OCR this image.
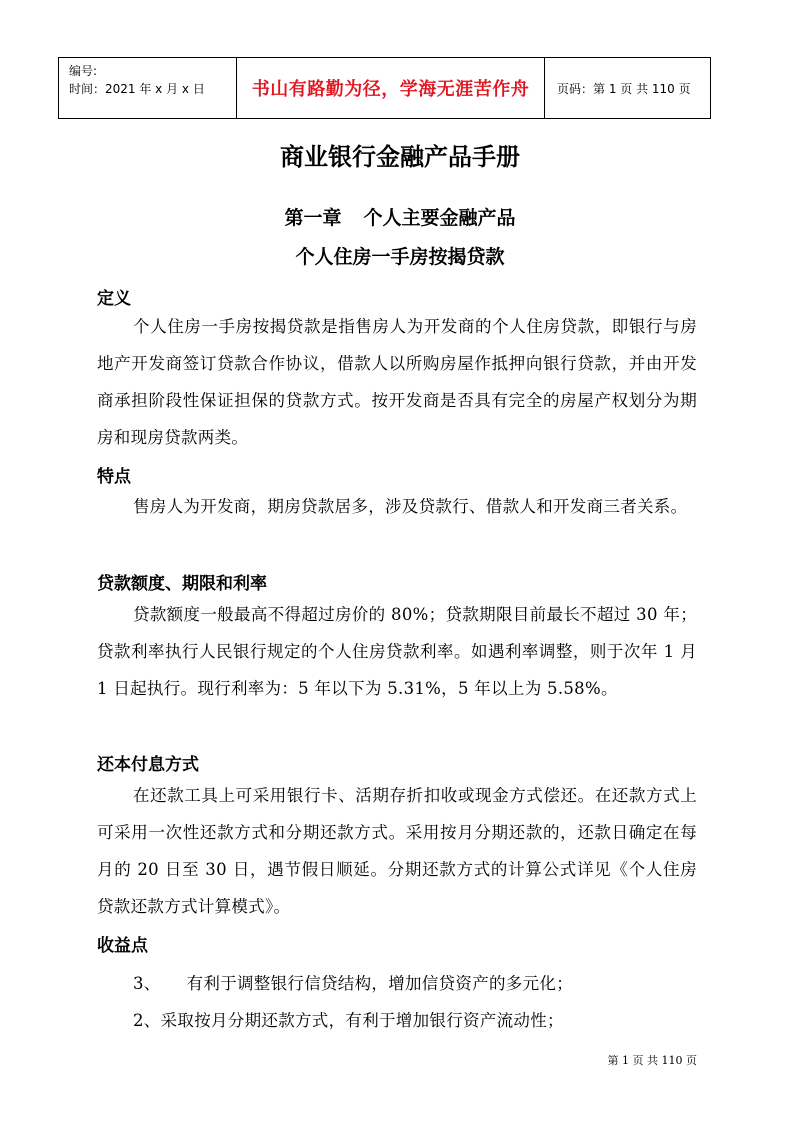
编号:
时间：2021 年 x 月 x 日	书山有路勤为径，学海无涯苦作舟	页码：第 1 页 共 110 页
商业银行金融产品手册
第一章 个人主要金融产品
个人住房一手房按揭贷款
定义
个人住房一手房按揭贷款是指售房人为开发商的个人住房贷款，即银行与房地产开发商签订贷款合作协议，借款人以所购房屋作抵押向银行贷款，并由开发商承担阶段性保证担保的贷款方式。按开发商是否具有完全的房屋产权划分为期房和现房贷款两类。
特点
售房人为开发商，期房贷款居多，涉及贷款行、借款人和开发商三者关系。
贷款额度、期限和利率
贷款额度一般最高不得超过房价的 80%；贷款期限目前最长不超过 30 年；贷款利率执行人民银行规定的个人住房贷款利率。如遇利率调整，则于次年 1 月 1 日起执行。现行利率为：5 年以下为 5.31%，5 年以上为 5.58%。
还本付息方式
在还款工具上可采用银行卡、活期存折扣收或现金方式偿还。在还款方式上可采用一次性还款方式和分期还款方式。采用按月分期还款的，还款日确定在每月的 20 日至 30 日，遇节假日顺延。分期还款方式的计算公式详见《个人住房贷款还款方式计算模式》。
收益点
3、 有利于调整银行信贷结构，增加信贷资产的多元化；
2、采取按月分期还款方式，有利于增加银行资产流动性；
第 1 页 共 110 页
